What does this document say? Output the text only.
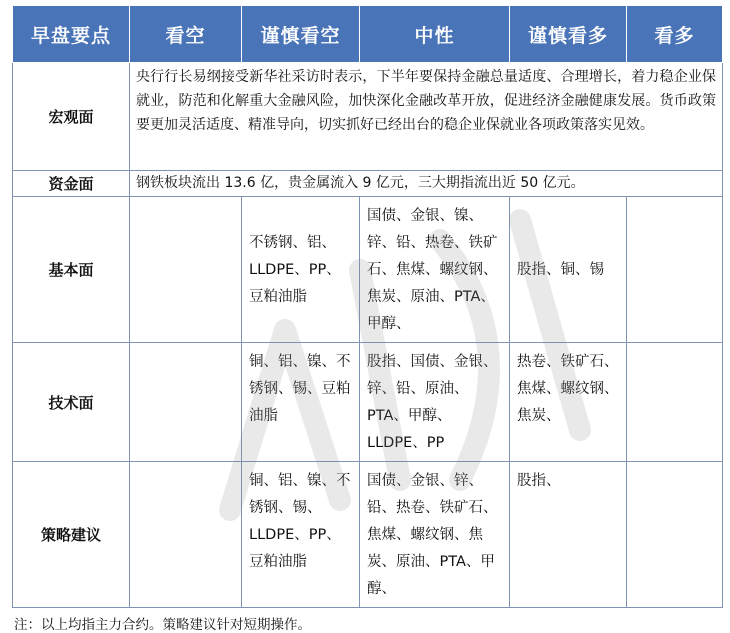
早盘要点	看空	谨慎看空	中性	谨慎看多	看多
宏观面	央行行长易纲接受新华社采访时表示，下半年要保持金融总量适度、合理增长，着力稳企业保就业，防范和化解重大金融风险，加快深化金融改革开放，促进经济金融健康发展。货币政策要更加灵活适度、精准导向，切实抓好已经出台的稳企业保就业各项政策落实见效。				
资金面	钢铁板块流出 13.6 亿，贵金属流入 9 亿元，三大期指流出近 50 亿元。				
基本面		不锈钢、铝、LLDPE、PP、豆粕油脂	国债、金银、镍、锌、铅、热卷、铁矿石、焦煤、螺纹钢、焦炭、原油、PTA、甲醇、	股指、铜、锡	
技术面		铜、铝、镍、不锈钢、锡、豆粕油脂	股指、国债、金银、锌、铅、原油、PTA、甲醇、LLDPE、PP	热卷、铁矿石、焦煤、螺纹钢、焦炭、	
策略建议		铜、铝、镍、不锈钢、锡、LLDPE、PP、豆粕油脂	国债、金银、锌、铅、热卷、铁矿石、焦煤、螺纹钢、焦炭、原油、PTA、甲醇、	股指、	
注：以上均指主力合约。策略建议针对短期操作。
